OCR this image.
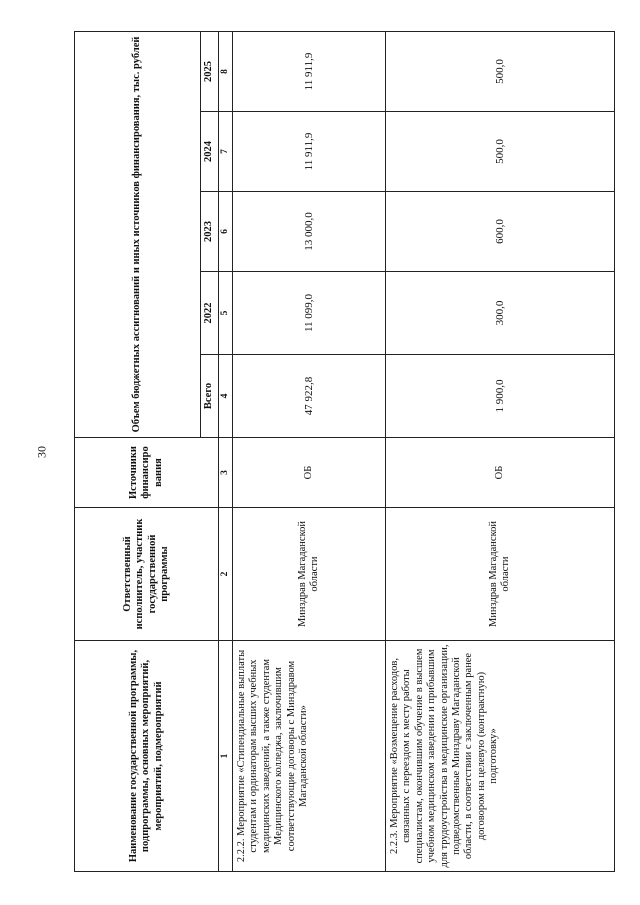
30
Наименование государственной программы, подпрограммы, основных мероприятий, мероприятий, подмероприятий	Ответственный исполнитель, участник государственной программы	Источники финансиро вания	Объем бюджетных ассигнований и иных источников финансирования, тыс. рублей				
			Всего	2022	2023	2024	2025
1	2	3	4	5	6	7	8
2.2.2. Мероприятие «Стипендиальные выплаты студентам и ординаторам высших учебных медицинских заведений, а также студентам Медицинского колледжа, заключившим соответствующие договоры с Минздравом Магаданской области»	Минздрав Магаданской области	ОБ	47 922,8	11 099,0	13 000,0	11 911,9	11 911,9
2.2.3. Мероприятие «Возмещение расходов, связанных с переездом к месту работы специалистам, окончившим обучение в высшем учебном медицинском заведении и прибывшим для трудоустройства в медицинские организации, подведомственные Минздраву Магаданской области, в соответствии с заключенным ранее договором на целевую (контрактную) подготовку»	Минздрав Магаданской области	ОБ	1 900,0	300,0	600,0	500,0	500,0
